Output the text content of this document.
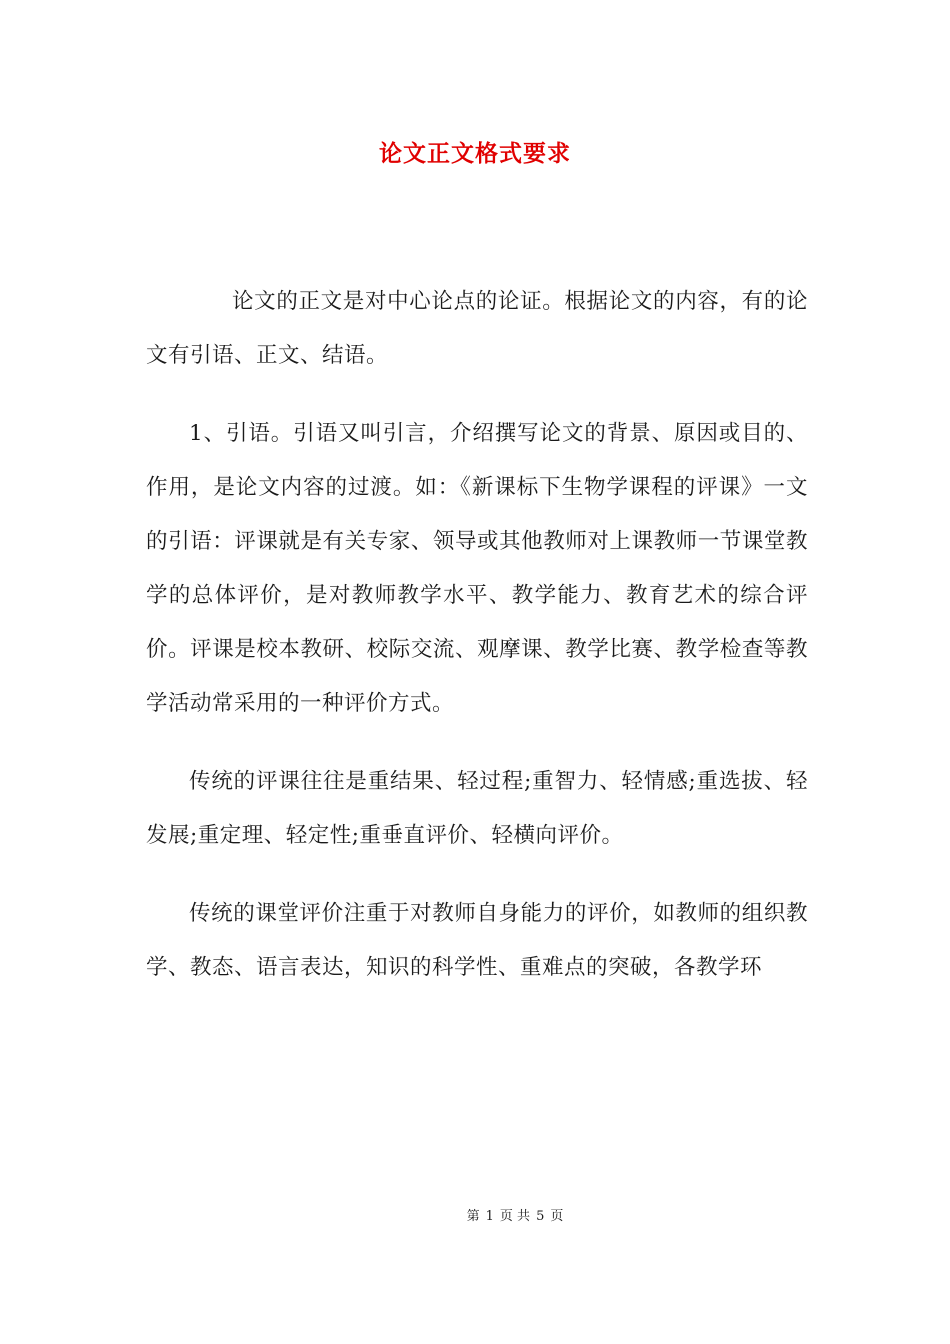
论文正文格式要求

论文的正文是对中心论点的论证。根据论文的内容，有的论文有引语、正文、结语。

1、引语。引语又叫引言，介绍撰写论文的背景、原因或目的、作用，是论文内容的过渡。如：《新课标下生物学课程的评课》一文的引语：评课就是有关专家、领导或其他教师对上课教师一节课堂教学的总体评价，是对教师教学水平、教学能力、教育艺术的综合评价。评课是校本教研、校际交流、观摩课、教学比赛、教学检查等教学活动常采用的一种评价方式。

传统的评课往往是重结果、轻过程;重智力、轻情感;重选拔、轻发展;重定理、轻定性;重垂直评价、轻横向评价。

传统的课堂评价注重于对教师自身能力的评价，如教师的组织教学、教态、语言表达，知识的科学性、重难点的突破，各教学环

第 1 页 共 5 页
